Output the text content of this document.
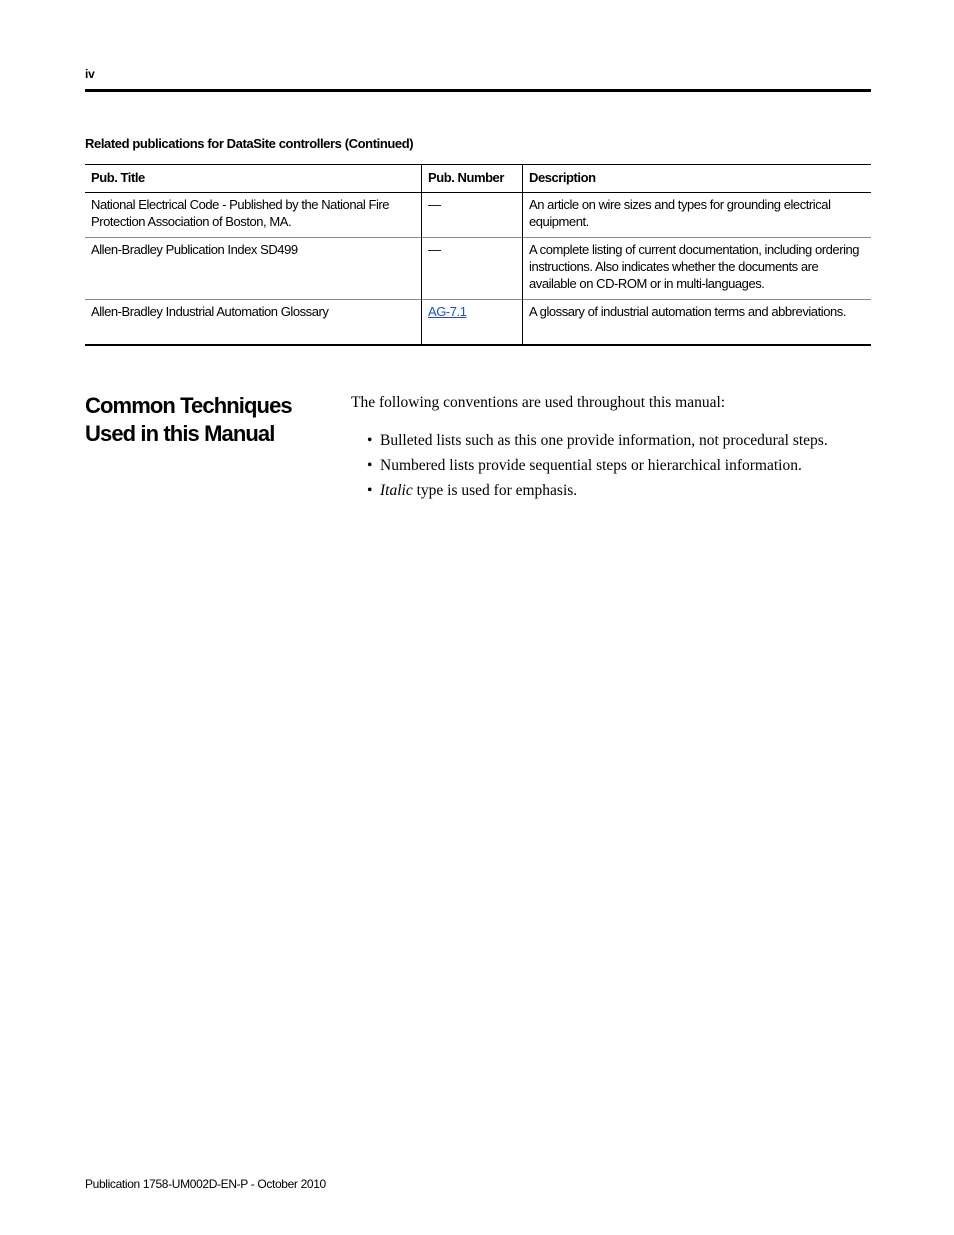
iv
Related publications for DataSite controllers (Continued)
Pub. Title	Pub. Number	Description
National Electrical Code - Published by the National Fire Protection Association of Boston, MA.	—	An article on wire sizes and types for grounding electrical equipment.
Allen-Bradley Publication Index SD499	—	A complete listing of current documentation, including ordering instructions. Also indicates whether the documents are available on CD-ROM or in multi-languages.
Allen-Bradley Industrial Automation Glossary	AG-7.1	A glossary of industrial automation terms and abbreviations.
Common Techniques Used in this Manual

The following conventions are used throughout this manual:

• Bulleted lists such as this one provide information, not procedural steps.
• Numbered lists provide sequential steps or hierarchical information.
• Italic type is used for emphasis.
Publication 1758-UM002D-EN-P - October 2010
